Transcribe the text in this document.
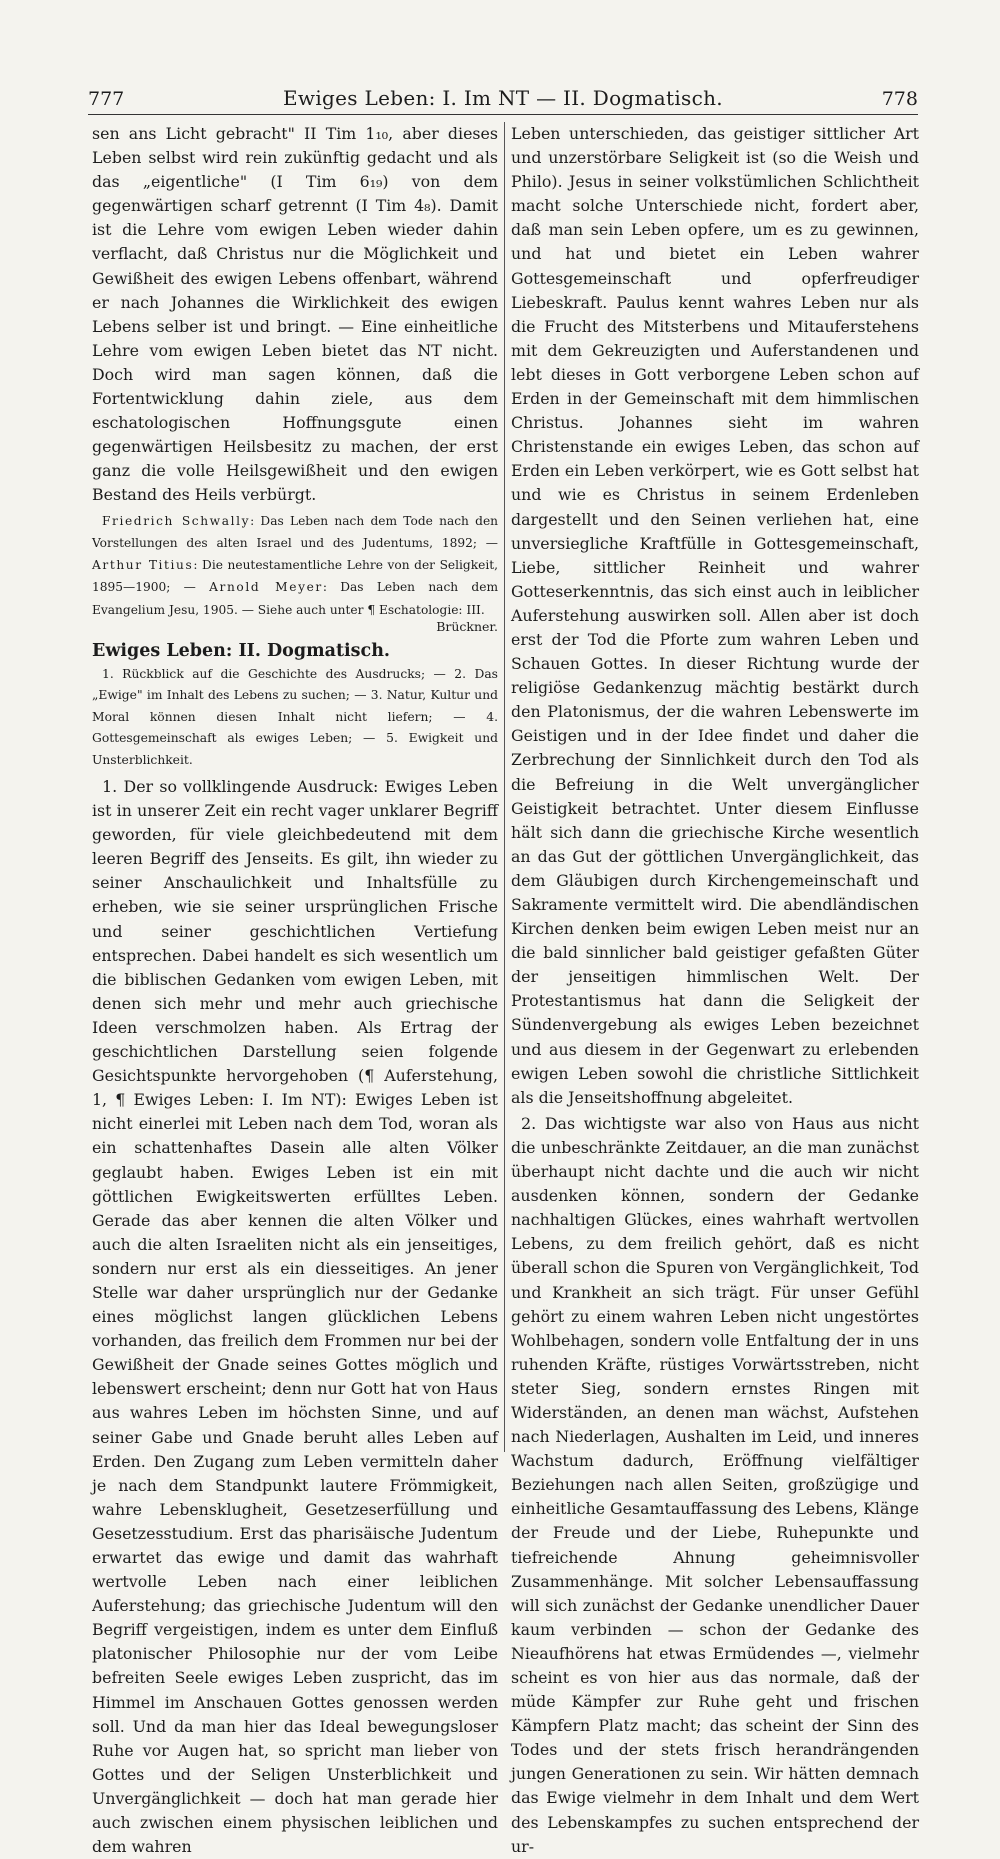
777	Ewiges Leben: I. Im NT — II. Dogmatisch.	778

sen ans Licht gebracht" II Tim 1₁₀, aber dieses Leben selbst wird rein zukünftig gedacht und als das „eigentliche" (I Tim 6₁₉) von dem gegenwärtigen scharf getrennt (I Tim 4₈). Damit ist die Lehre vom ewigen Leben wieder dahin verflacht, daß Christus nur die Möglichkeit und Gewißheit des ewigen Lebens offenbart, während er nach Johannes die Wirklichkeit des ewigen Lebens selber ist und bringt. — Eine einheitliche Lehre vom ewigen Leben bietet das NT nicht. Doch wird man sagen können, daß die Fortentwicklung dahin ziele, aus dem eschatologischen Hoffnungsgute einen gegenwärtigen Heilsbesitz zu machen, der erst ganz die volle Heilsgewißheit und den ewigen Bestand des Heils verbürgt.

Friedrich Schwally: Das Leben nach dem Tode nach den Vorstellungen des alten Israel und des Judentums, 1892; — Arthur Titius: Die neutestamentliche Lehre von der Seligkeit, 1895—1900; — Arnold Meyer: Das Leben nach dem Evangelium Jesu, 1905. — Siehe auch unter ¶ Eschatologie: III.

Brückner.

Ewiges Leben: II. Dogmatisch.

1. Rückblick auf die Geschichte des Ausdrucks; — 2. Das „Ewige" im Inhalt des Lebens zu suchen; — 3. Natur, Kultur und Moral können diesen Inhalt nicht liefern; — 4. Gottesgemeinschaft als ewiges Leben; — 5. Ewigkeit und Unsterblichkeit.

1. Der so vollklingende Ausdruck: Ewiges Leben ist in unserer Zeit ein recht vager unklarer Begriff geworden, für viele gleichbedeutend mit dem leeren Begriff des Jenseits. Es gilt, ihn wieder zu seiner Anschaulichkeit und Inhaltsfülle zu erheben, wie sie seiner ursprünglichen Frische und seiner geschichtlichen Vertiefung entsprechen. Dabei handelt es sich wesentlich um die biblischen Gedanken vom ewigen Leben, mit denen sich mehr und mehr auch griechische Ideen verschmolzen haben. Als Ertrag der geschichtlichen Darstellung seien folgende Gesichtspunkte hervorgehoben (¶ Auferstehung, 1, ¶ Ewiges Leben: I. Im NT): Ewiges Leben ist nicht einerlei mit Leben nach dem Tod, woran als ein schattenhaftes Dasein alle alten Völker geglaubt haben. Ewiges Leben ist ein mit göttlichen Ewigkeitswerten erfülltes Leben. Gerade das aber kennen die alten Völker und auch die alten Israeliten nicht als ein jenseitiges, sondern nur erst als ein diesseitiges. An jener Stelle war daher ursprünglich nur der Gedanke eines möglichst langen glücklichen Lebens vorhanden, das freilich dem Frommen nur bei der Gewißheit der Gnade seines Gottes möglich und lebenswert erscheint; denn nur Gott hat von Haus aus wahres Leben im höchsten Sinne, und auf seiner Gabe und Gnade beruht alles Leben auf Erden. Den Zugang zum Leben vermitteln daher je nach dem Standpunkt lautere Frömmigkeit, wahre Lebensklugheit, Gesetzeserfüllung und Gesetzesstudium. Erst das pharisäische Judentum erwartet das ewige und damit das wahrhaft wertvolle Leben nach einer leiblichen Auferstehung; das griechische Judentum will den Begriff vergeistigen, indem es unter dem Einfluß platonischer Philosophie nur der vom Leibe befreiten Seele ewiges Leben zuspricht, das im Himmel im Anschauen Gottes genossen werden soll. Und da man hier das Ideal bewegungsloser Ruhe vor Augen hat, so spricht man lieber von Gottes und der Seligen Unsterblichkeit und Unvergänglichkeit — doch hat man gerade hier auch zwischen einem physischen leiblichen und dem wahren

Leben unterschieden, das geistiger sittlicher Art und unzerstörbare Seligkeit ist (so die Weish und Philo). Jesus in seiner volkstümlichen Schlichtheit macht solche Unterschiede nicht, fordert aber, daß man sein Leben opfere, um es zu gewinnen, und hat und bietet ein Leben wahrer Gottesgemeinschaft und opferfreudiger Liebeskraft. Paulus kennt wahres Leben nur als die Frucht des Mitsterbens und Mitauferstehens mit dem Gekreuzigten und Auferstandenen und lebt dieses in Gott verborgene Leben schon auf Erden in der Gemeinschaft mit dem himmlischen Christus. Johannes sieht im wahren Christenstande ein ewiges Leben, das schon auf Erden ein Leben verkörpert, wie es Gott selbst hat und wie es Christus in seinem Erdenleben dargestellt und den Seinen verliehen hat, eine unversiegliche Kraftfülle in Gottesgemeinschaft, Liebe, sittlicher Reinheit und wahrer Gotteserkenntnis, das sich einst auch in leiblicher Auferstehung auswirken soll. Allen aber ist doch erst der Tod die Pforte zum wahren Leben und Schauen Gottes. In dieser Richtung wurde der religiöse Gedankenzug mächtig bestärkt durch den Platonismus, der die wahren Lebenswerte im Geistigen und in der Idee findet und daher die Zerbrechung der Sinnlichkeit durch den Tod als die Befreiung in die Welt unvergänglicher Geistigkeit betrachtet. Unter diesem Einflusse hält sich dann die griechische Kirche wesentlich an das Gut der göttlichen Unvergänglichkeit, das dem Gläubigen durch Kirchengemeinschaft und Sakramente vermittelt wird. Die abendländischen Kirchen denken beim ewigen Leben meist nur an die bald sinnlicher bald geistiger gefaßten Güter der jenseitigen himmlischen Welt. Der Protestantismus hat dann die Seligkeit der Sündenvergebung als ewiges Leben bezeichnet und aus diesem in der Gegenwart zu erlebenden ewigen Leben sowohl die christliche Sittlichkeit als die Jenseitshoffnung abgeleitet.

2. Das wichtigste war also von Haus aus nicht die unbeschränkte Zeitdauer, an die man zunächst überhaupt nicht dachte und die auch wir nicht ausdenken können, sondern der Gedanke nachhaltigen Glückes, eines wahrhaft wertvollen Lebens, zu dem freilich gehört, daß es nicht überall schon die Spuren von Vergänglichkeit, Tod und Krankheit an sich trägt. Für unser Gefühl gehört zu einem wahren Leben nicht ungestörtes Wohlbehagen, sondern volle Entfaltung der in uns ruhenden Kräfte, rüstiges Vorwärtsstreben, nicht steter Sieg, sondern ernstes Ringen mit Widerständen, an denen man wächst, Aufstehen nach Niederlagen, Aushalten im Leid, und inneres Wachstum dadurch, Eröffnung vielfältiger Beziehungen nach allen Seiten, großzügige und einheitliche Gesamtauffassung des Lebens, Klänge der Freude und der Liebe, Ruhepunkte und tiefreichende Ahnung geheimnisvoller Zusammenhänge. Mit solcher Lebensauffassung will sich zunächst der Gedanke unendlicher Dauer kaum verbinden — schon der Gedanke des Nieaufhörens hat etwas Ermüdendes —, vielmehr scheint es von hier aus das normale, daß der müde Kämpfer zur Ruhe geht und frischen Kämpfern Platz macht; das scheint der Sinn des Todes und der stets frisch herandrängenden jungen Generationen zu sein. Wir hätten demnach das Ewige vielmehr in dem Inhalt und dem Wert des Lebenskampfes zu suchen entsprechend der ur-
